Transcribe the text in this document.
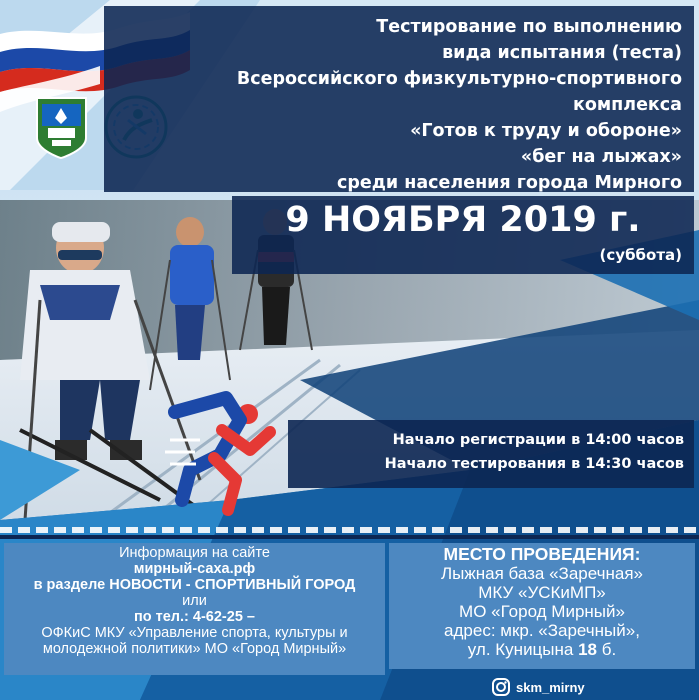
Тестирование по выполнению
вида испытания (теста)
Всероссийского физкультурно-спортивного
комплекса
«Готов к труду и обороне»
«бег на лыжах»
среди населения города Мирного
9 НОЯБРЯ 2019 г.
(суббота)
Начало регистрации в 14:00 часов
Начало тестирования в 14:30 часов
Информация на сайте
мирный-саха.рф
в разделе НОВОСТИ - СПОРТИВНЫЙ ГОРОД
или
по тел.: 4-62-25 –
ОФКиС МКУ «Управление спорта, культуры и
молодежной политики» МО «Город Мирный»
МЕСТО ПРОВЕДЕНИЯ:
Лыжная база «Заречная»
МКУ «УСКиМП»
МО «Город Мирный»
адрес: мкр. «Заречный»,
ул. Куницына 18 б.
skm_mirny
